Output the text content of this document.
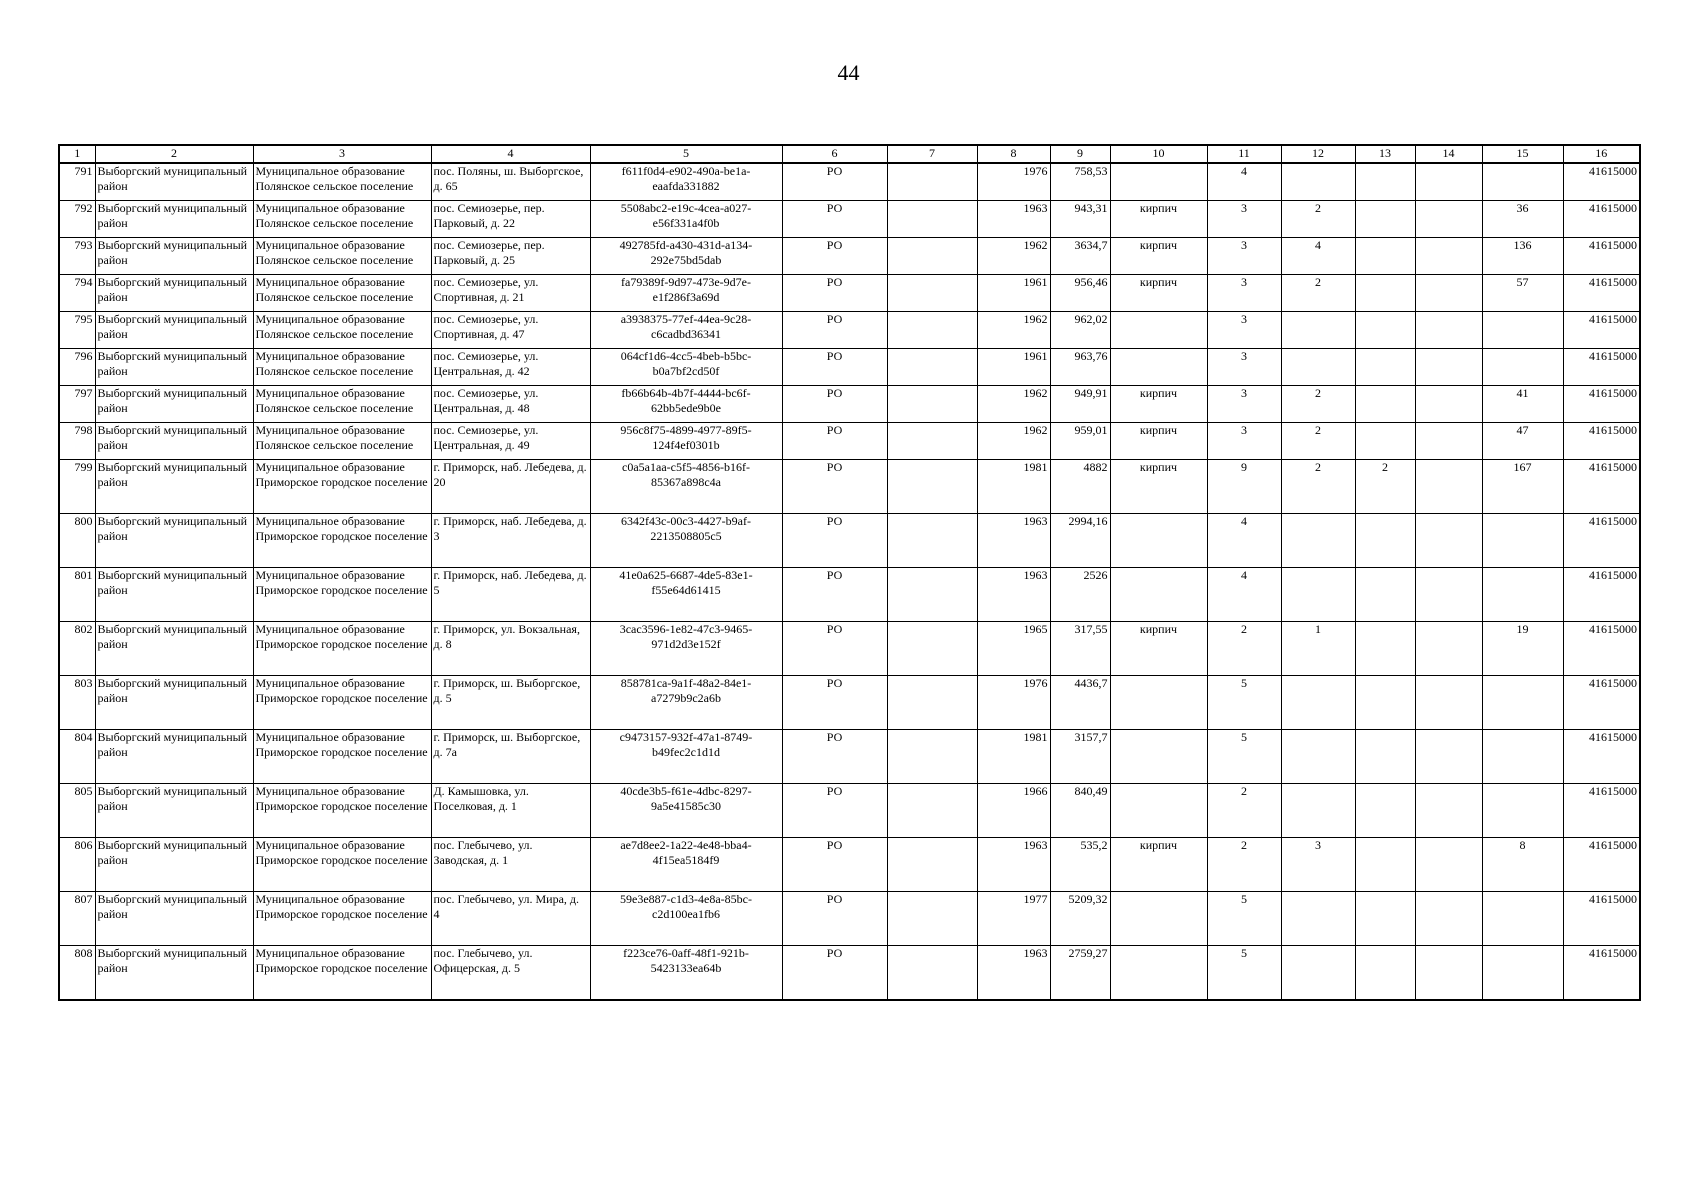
44
1	2	3	4	5	6	7	8	9	10	11	12	13	14	15	16
791	Выборгский муниципальный район	Муниципальное образование Полянское сельское поселение	пос. Поляны, ш. Выборгское, д. 65	f611f0d4-e902-490a-be1a-eaafda331882	РО		1976	758,53		4					41615000
792	Выборгский муниципальный район	Муниципальное образование Полянское сельское поселение	пос. Семиозерье, пер. Парковый, д. 22	5508abc2-e19c-4cea-a027-e56f331a4f0b	РО		1963	943,31	кирпич	3	2			36	41615000
793	Выборгский муниципальный район	Муниципальное образование Полянское сельское поселение	пос. Семиозерье, пер. Парковый, д. 25	492785fd-a430-431d-a134-292e75bd5dab	РО		1962	3634,7	кирпич	3	4			136	41615000
794	Выборгский муниципальный район	Муниципальное образование Полянское сельское поселение	пос. Семиозерье, ул. Спортивная, д. 21	fa79389f-9d97-473e-9d7e-e1f286f3a69d	РО		1961	956,46	кирпич	3	2			57	41615000
795	Выборгский муниципальный район	Муниципальное образование Полянское сельское поселение	пос. Семиозерье, ул. Спортивная, д. 47	a3938375-77ef-44ea-9c28-c6cadbd36341	РО		1962	962,02		3					41615000
796	Выборгский муниципальный район	Муниципальное образование Полянское сельское поселение	пос. Семиозерье, ул. Центральная, д. 42	064cf1d6-4cc5-4beb-b5bc-b0a7bf2cd50f	РО		1961	963,76		3					41615000
797	Выборгский муниципальный район	Муниципальное образование Полянское сельское поселение	пос. Семиозерье, ул. Центральная, д. 48	fb66b64b-4b7f-4444-bc6f-62bb5ede9b0e	РО		1962	949,91	кирпич	3	2			41	41615000
798	Выборгский муниципальный район	Муниципальное образование Полянское сельское поселение	пос. Семиозерье, ул. Центральная, д. 49	956c8f75-4899-4977-89f5-124f4ef0301b	РО		1962	959,01	кирпич	3	2			47	41615000
799	Выборгский муниципальный район	Муниципальное образование Приморское городское поселение	г. Приморск, наб. Лебедева, д. 20	c0a5a1aa-c5f5-4856-b16f-85367a898c4a	РО		1981	4882	кирпич	9	2	2		167	41615000
800	Выборгский муниципальный район	Муниципальное образование Приморское городское поселение	г. Приморск, наб. Лебедева, д. 3	6342f43c-00c3-4427-b9af-2213508805c5	РО		1963	2994,16		4					41615000
801	Выборгский муниципальный район	Муниципальное образование Приморское городское поселение	г. Приморск, наб. Лебедева, д. 5	41e0a625-6687-4de5-83e1-f55e64d61415	РО		1963	2526		4					41615000
802	Выборгский муниципальный район	Муниципальное образование Приморское городское поселение	г. Приморск, ул. Вокзальная, д. 8	3cac3596-1e82-47c3-9465-971d2d3e152f	РО		1965	317,55	кирпич	2	1			19	41615000
803	Выборгский муниципальный район	Муниципальное образование Приморское городское поселение	г. Приморск, ш. Выборгское, д. 5	858781ca-9a1f-48a2-84e1-a7279b9c2a6b	РО		1976	4436,7		5					41615000
804	Выборгский муниципальный район	Муниципальное образование Приморское городское поселение	г. Приморск, ш. Выборгское, д. 7а	c9473157-932f-47a1-8749-b49fec2c1d1d	РО		1981	3157,7		5					41615000
805	Выборгский муниципальный район	Муниципальное образование Приморское городское поселение	Д. Камышовка, ул. Поселковая, д. 1	40cde3b5-f61e-4dbc-8297-9a5e41585c30	РО		1966	840,49		2					41615000
806	Выборгский муниципальный район	Муниципальное образование Приморское городское поселение	пос. Глебычево, ул. Заводская, д. 1	ae7d8ee2-1a22-4e48-bba4-4f15ea5184f9	РО		1963	535,2	кирпич	2	3			8	41615000
807	Выборгский муниципальный район	Муниципальное образование Приморское городское поселение	пос. Глебычево, ул. Мира, д. 4	59e3e887-c1d3-4e8a-85bc-c2d100ea1fb6	РО		1977	5209,32		5					41615000
808	Выборгский муниципальный район	Муниципальное образование Приморское городское поселение	пос. Глебычево, ул. Офицерская, д. 5	f223ce76-0aff-48f1-921b-5423133ea64b	РО		1963	2759,27		5					41615000
